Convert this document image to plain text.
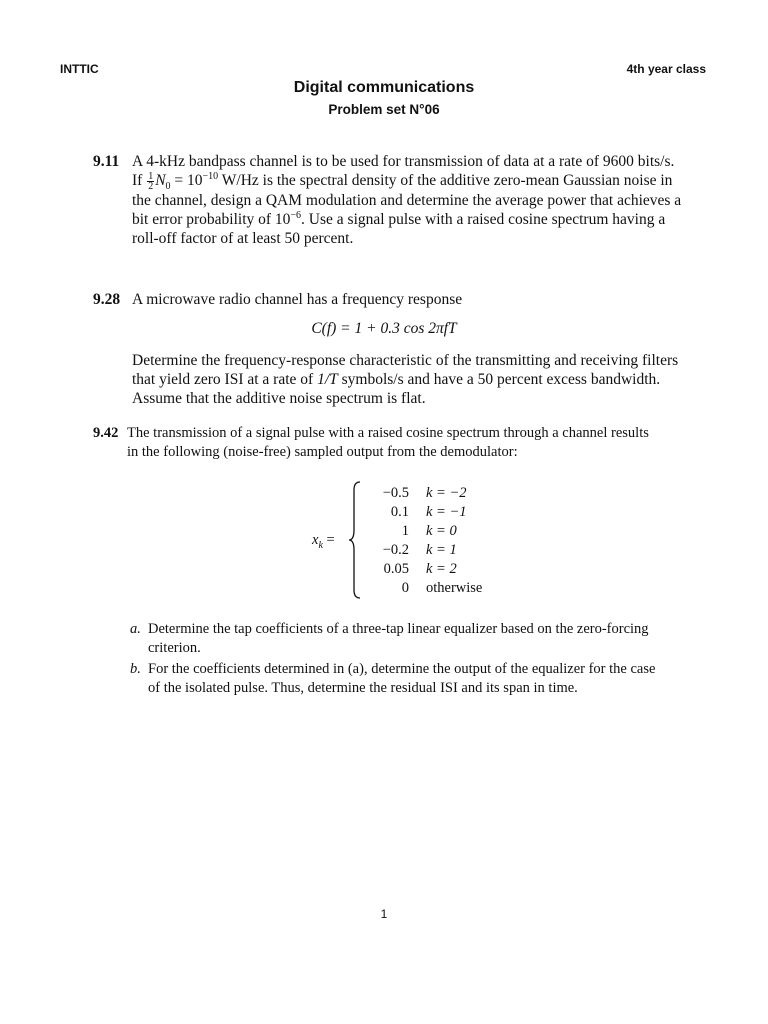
INTTIC	4th year class
Digital communications
Problem set N°06
9.11 A 4-kHz bandpass channel is to be used for transmission of data at a rate of 9600 bits/s.

If $\frac{1}{2} N_0 = 10^{-10}$ W/Hz is the spectral density of the additive zero-mean Gaussian noise in

the channel, design a QAM modulation and determine the average power that achieves a

bit error probability of $10^{-6}$. Use a signal pulse with a raised cosine spectrum having a

roll-off factor of at least 50 percent.

9.28 A microwave radio channel has a frequency response

C(f) = 1 + 0.3 cos 2πfT

Determine the frequency-response characteristic of the transmitting and receiving filters

that yield zero ISI at a rate of 1/T symbols/s and have a 50 percent excess bandwidth.

Assume that the additive noise spectrum is flat.

9.42 The transmission of a signal pulse with a raised cosine spectrum through a channel results
in the following (noise-free) sampled output from the demodulator:
$x_k$ =
−0.5
0.1
1
−0.2
0.05
0
k = −2
k = −1
k = 0
k = 1
k = 2
otherwise
a. Determine the tap coefficients of a three-tap linear equalizer based on the zero-forcing
criterion.
b. For the coefficients determined in (a), determine the output of the equalizer for the case
of the isolated pulse. Thus, determine the residual ISI and its span in time.
1
